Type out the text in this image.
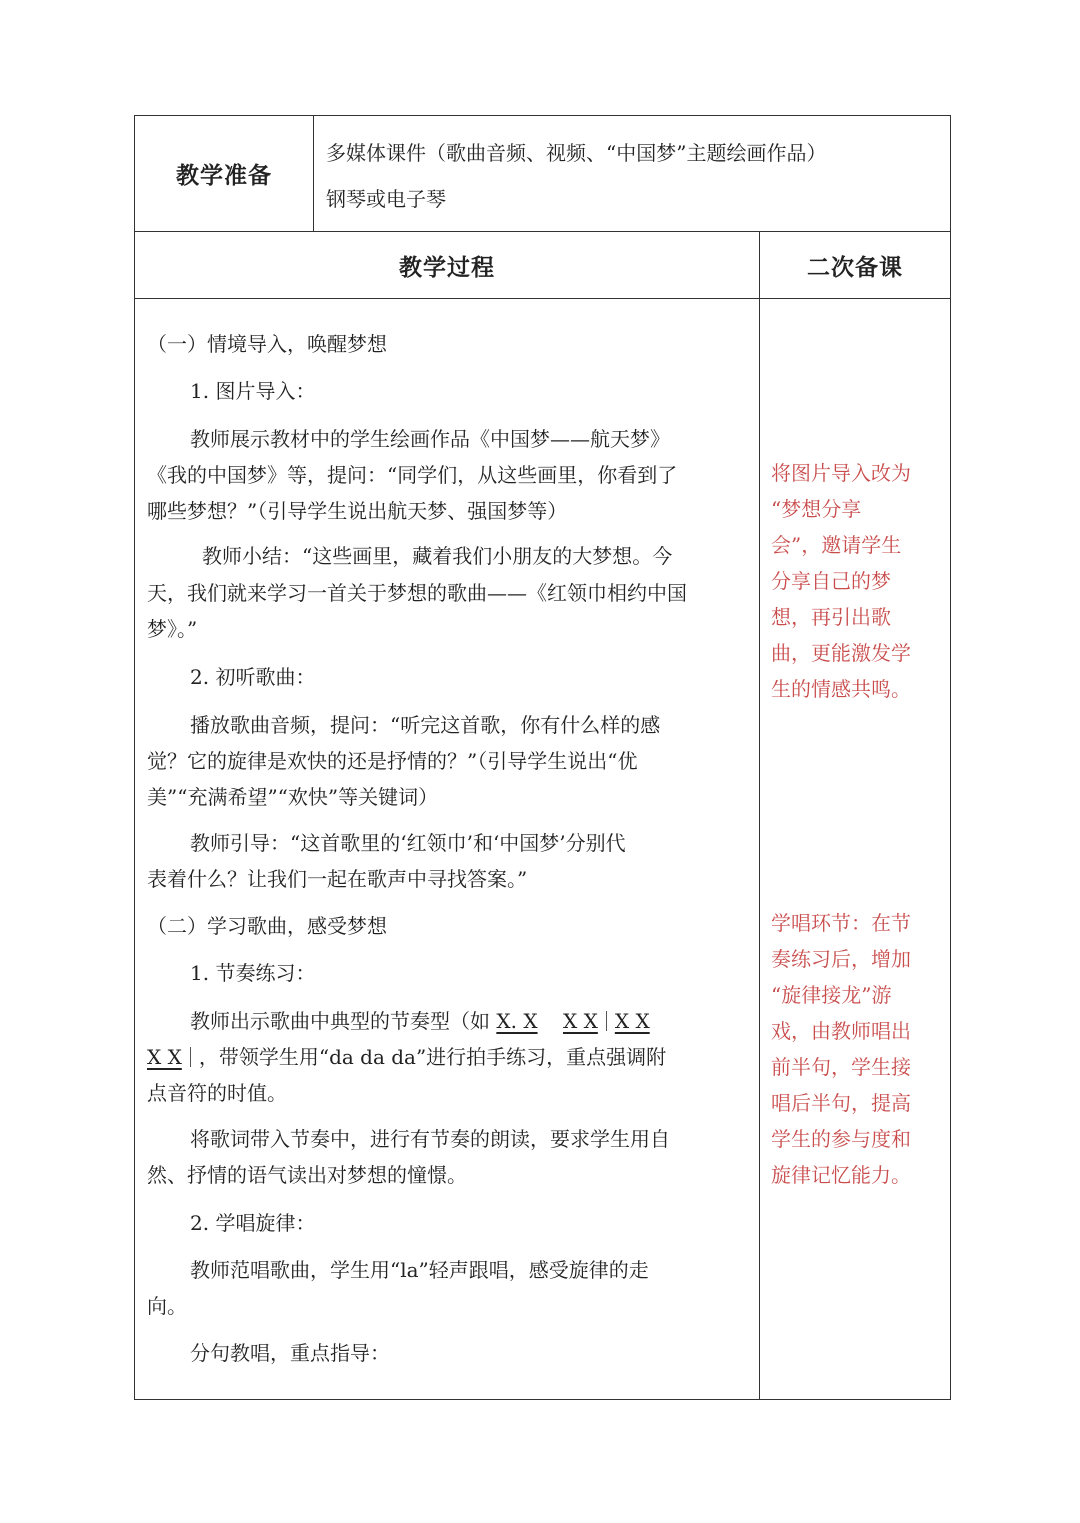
教学准备
多媒体课件（歌曲音频、视频、“中国梦”主题绘画作品）
钢琴或电子琴
教学过程	二次备课
（一）情境导入，唤醒梦想
1. 图片导入：
教师展示教材中的学生绘画作品《中国梦——航天梦》
《我的中国梦》等，提问：“同学们，从这些画里，你看到了
哪些梦想？”（引导学生说出航天梦、强国梦等）
教师小结：“这些画里，藏着我们小朋友的大梦想。今
天，我们就来学习一首关于梦想的歌曲——《红领巾相约中国
梦》。”
2. 初听歌曲：
播放歌曲音频，提问：“听完这首歌，你有什么样的感
觉？它的旋律是欢快的还是抒情的？”（引导学生说出“优
美”“充满希望”“欢快”等关键词）
教师引导：“这首歌里的‘红领巾’和‘中国梦’分别代
表着什么？让我们一起在歌声中寻找答案。”
（二）学习歌曲，感受梦想
1. 节奏练习：
教师出示歌曲中典型的节奏型（如 X. X X X X X
X X ，带领学生用“da da da”进行拍手练习，重点强调附
点音符的时值。
将歌词带入节奏中，进行有节奏的朗读，要求学生用自
然、抒情的语气读出对梦想的憧憬。
2. 学唱旋律：
教师范唱歌曲，学生用“la”轻声跟唱，感受旋律的走
向。
分句教唱，重点指导：
将图片导入改为
“梦想分享
会”，邀请学生
分享自己的梦
想，再引出歌
曲，更能激发学
生的情感共鸣。
学唱环节：在节
奏练习后，增加
“旋律接龙”游
戏，由教师唱出
前半句，学生接
唱后半句，提高
学生的参与度和
旋律记忆能力。
